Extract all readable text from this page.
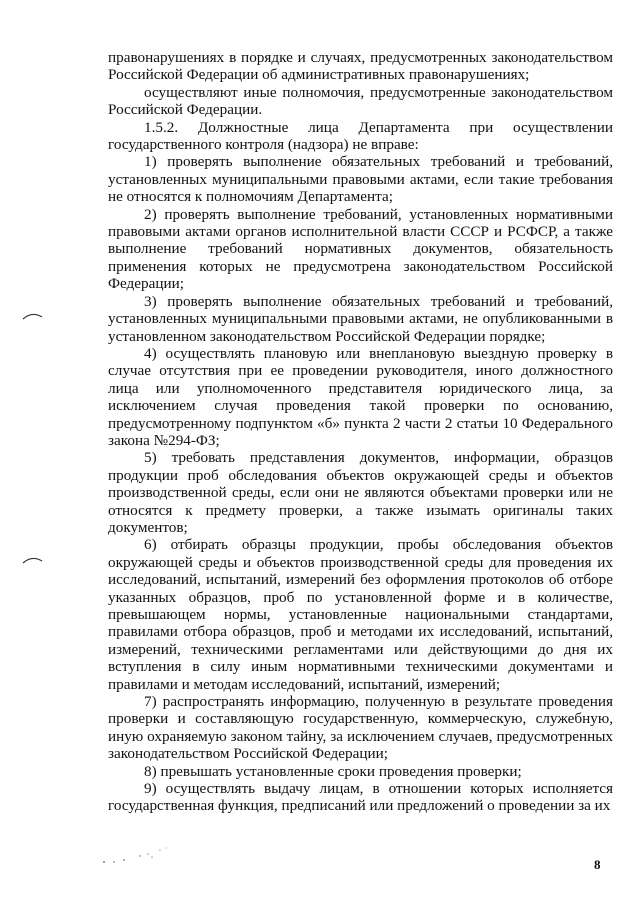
правонарушениях в порядке и случаях, предусмотренных законодательством Российской Федерации об административных правонарушениях;

осуществляют иные полномочия, предусмотренные законодательством Российской Федерации.

1.5.2. Должностные лица Департамента при осуществлении государственного контроля (надзора) не вправе:

1) проверять выполнение обязательных требований и требований, установленных муниципальными правовыми актами, если такие требования не относятся к полномочиям Департамента;

2) проверять выполнение требований, установленных нормативными правовыми актами органов исполнительной власти СССР и РСФСР, а также выполнение требований нормативных документов, обязательность применения которых не предусмотрена законодательством Российской Федерации;

3) проверять выполнение обязательных требований и требований, установленных муниципальными правовыми актами, не опубликованными в установленном законодательством Российской Федерации порядке;

4) осуществлять плановую или внеплановую выездную проверку в случае отсутствия при ее проведении руководителя, иного должностного лица или уполномоченного представителя юридического лица, за исключением случая проведения такой проверки по основанию, предусмотренному подпунктом «б» пункта 2 части 2 статьи 10 Федерального закона №294-ФЗ;

5) требовать представления документов, информации, образцов продукции проб обследования объектов окружающей среды и объектов производственной среды, если они не являются объектами проверки или не относятся к предмету проверки, а также изымать оригиналы таких документов;

6) отбирать образцы продукции, пробы обследования объектов окружающей среды и объектов производственной среды для проведения их исследований, испытаний, измерений без оформления протоколов об отборе указанных образцов, проб по установленной форме и в количестве, превышающем нормы, установленные национальными стандартами, правилами отбора образцов, проб и методами их исследований, испытаний, измерений, техническими регламентами или действующими до дня их вступления в силу иным нормативными техническими документами и правилами и методам исследований, испытаний, измерений;

7) распространять информацию, полученную в результате проведения проверки и составляющую государственную, коммерческую, служебную, иную охраняемую законом тайну, за исключением случаев, предусмотренных законодательством Российской Федерации;

8) превышать установленные сроки проведения проверки;

9) осуществлять выдачу лицам, в отношении которых исполняется государственная функция, предписаний или предложений о проведении за их

8
